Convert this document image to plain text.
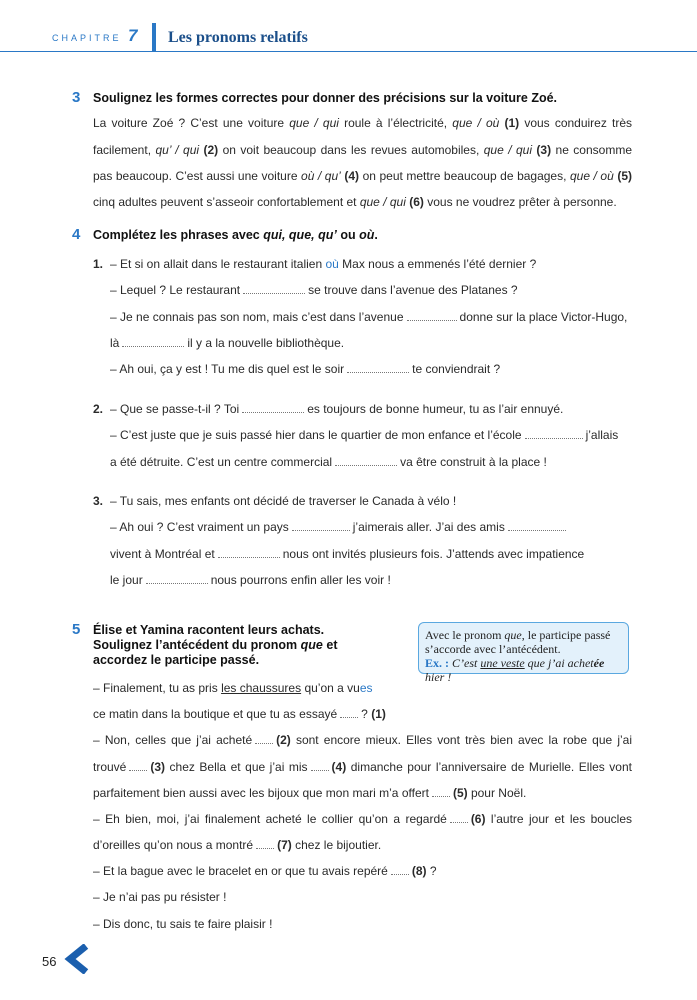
CHAPITRE 7 Les pronoms relatifs
3 Soulignez les formes correctes pour donner des précisions sur la voiture Zoé.
La voiture Zoé ? C’est une voiture que / qui roule à l’électricité, que / où (1) vous conduirez très
facilement, qu’ / qui (2) on voit beaucoup dans les revues automobiles, que / qui (3) ne consomme
pas beaucoup. C’est aussi une voiture où / qu’ (4) on peut mettre beaucoup de bagages, que / où (5)
cinq adultes peuvent s’asseoir confortablement et que / qui (6) vous ne voudrez prêter à personne.
4 Complétez les phrases avec qui, que, qu’ ou où.
1. – Et si on allait dans le restaurant italien où Max nous a emmenés l’été dernier ?
– Lequel ? Le restaurant	se trouve dans l’avenue des Platanes ?
– Je ne connais pas son nom, mais c’est dans l’avenue	donne sur la place Victor-Hugo,
là	il y a la nouvelle bibliothèque.
– Ah oui, ça y est ! Tu me dis quel est le soir	te conviendrait ?
2. – Que se passe-t-il ? Toi	es toujours de bonne humeur, tu as l’air ennuyé.
– C’est juste que je suis passé hier dans le quartier de mon enfance et l’école	j’allais
a été détruite. C’est un centre commercial	va être construit à la place !
3. – Tu sais, mes enfants ont décidé de traverser le Canada à vélo !
– Ah oui ? C’est vraiment un pays	j’aimerais aller. J’ai des amis
vivent à Montréal et	nous ont invités plusieurs fois. J’attends avec impatience
le jour	nous pourrons enfin aller les voir !
5 Élise et Yamina racontent leurs achats.
Soulignez l’antécédent du pronom que et
accordez le participe passé.
Avec le pronom que, le participe passé
s’accorde avec l’antécédent.
Ex. : C’est une veste que j’ai achetée hier !
– Finalement, tu as pris les chaussures qu’on a vues
ce matin dans la boutique et que tu as essayé ? (1)
– Non, celles que j’ai acheté (2) sont encore mieux. Elles vont très bien avec la robe que j’ai
trouvé (3) chez Bella et que j’ai mis (4) dimanche pour l’anniversaire de Murielle. Elles vont
parfaitement bien aussi avec les bijoux que mon mari m’a offert (5) pour Noël.
– Eh bien, moi, j’ai finalement acheté le collier qu’on a regardé (6) l’autre jour et les boucles
d’oreilles qu’on nous a montré (7) chez le bijoutier.
– Et la bague avec le bracelet en or que tu avais repéré (8) ?
– Je n’ai pas pu résister !
– Dis donc, tu sais te faire plaisir !
56
